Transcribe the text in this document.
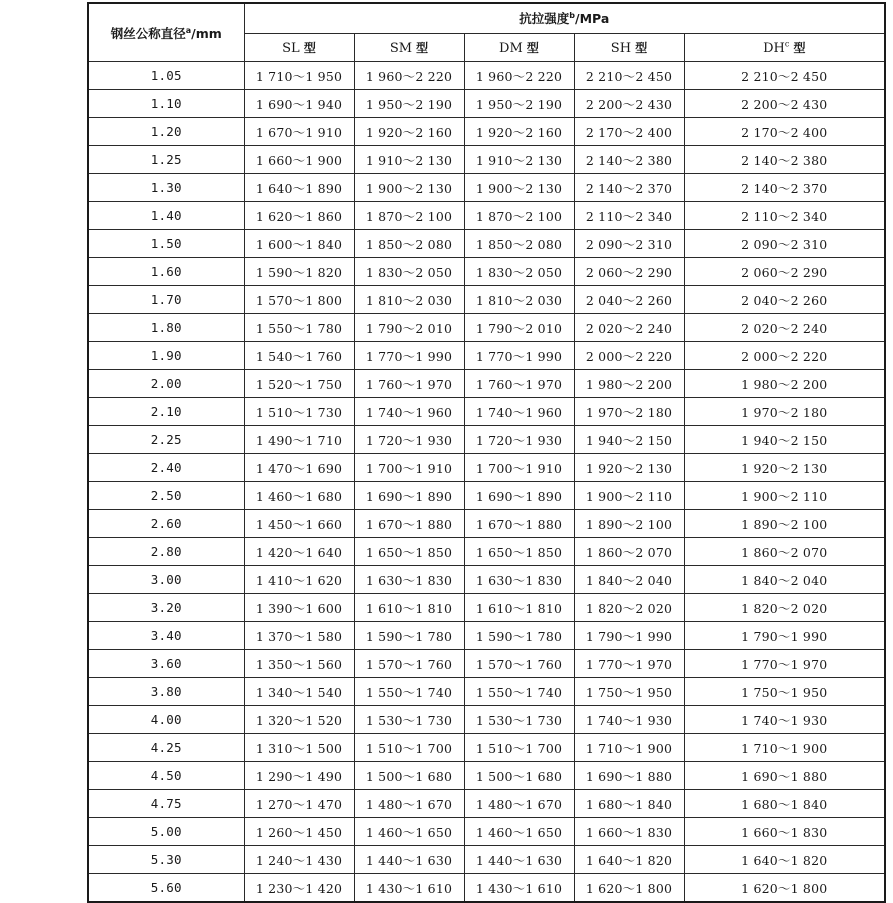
钢丝公称直径$^a$/mm	抗拉强度$^b$/MPa				
	SL 型	SM 型	DM 型	SH 型	$DH^c$ 型
1.05	1 710～1 950	1 960～2 220	1 960～2 220	2 210～2 450	2 210～2 450
1.10	1 690～1 940	1 950～2 190	1 950～2 190	2 200～2 430	2 200～2 430
1.20	1 670～1 910	1 920～2 160	1 920～2 160	2 170～2 400	2 170～2 400
1.25	1 660～1 900	1 910～2 130	1 910～2 130	2 140～2 380	2 140～2 380
1.30	1 640～1 890	1 900～2 130	1 900～2 130	2 140～2 370	2 140～2 370
1.40	1 620～1 860	1 870～2 100	1 870～2 100	2 110～2 340	2 110～2 340
1.50	1 600～1 840	1 850～2 080	1 850～2 080	2 090～2 310	2 090～2 310
1.60	1 590～1 820	1 830～2 050	1 830～2 050	2 060～2 290	2 060～2 290
1.70	1 570～1 800	1 810～2 030	1 810～2 030	2 040～2 260	2 040～2 260
1.80	1 550～1 780	1 790～2 010	1 790～2 010	2 020～2 240	2 020～2 240
1.90	1 540～1 760	1 770～1 990	1 770～1 990	2 000～2 220	2 000～2 220
2.00	1 520～1 750	1 760～1 970	1 760～1 970	1 980～2 200	1 980～2 200
2.10	1 510～1 730	1 740～1 960	1 740～1 960	1 970～2 180	1 970～2 180
2.25	1 490～1 710	1 720～1 930	1 720～1 930	1 940～2 150	1 940～2 150
2.40	1 470～1 690	1 700～1 910	1 700～1 910	1 920～2 130	1 920～2 130
2.50	1 460～1 680	1 690～1 890	1 690～1 890	1 900～2 110	1 900～2 110
2.60	1 450～1 660	1 670～1 880	1 670～1 880	1 890～2 100	1 890～2 100
2.80	1 420～1 640	1 650～1 850	1 650～1 850	1 860～2 070	1 860～2 070
3.00	1 410～1 620	1 630～1 830	1 630～1 830	1 840～2 040	1 840～2 040
3.20	1 390～1 600	1 610～1 810	1 610～1 810	1 820～2 020	1 820～2 020
3.40	1 370～1 580	1 590～1 780	1 590～1 780	1 790～1 990	1 790～1 990
3.60	1 350～1 560	1 570～1 760	1 570～1 760	1 770～1 970	1 770～1 970
3.80	1 340～1 540	1 550～1 740	1 550～1 740	1 750～1 950	1 750～1 950
4.00	1 320～1 520	1 530～1 730	1 530～1 730	1 740～1 930	1 740～1 930
4.25	1 310～1 500	1 510～1 700	1 510～1 700	1 710～1 900	1 710～1 900
4.50	1 290～1 490	1 500～1 680	1 500～1 680	1 690～1 880	1 690～1 880
4.75	1 270～1 470	1 480～1 670	1 480～1 670	1 680～1 840	1 680～1 840
5.00	1 260～1 450	1 460～1 650	1 460～1 650	1 660～1 830	1 660～1 830
5.30	1 240～1 430	1 440～1 630	1 440～1 630	1 640～1 820	1 640～1 820
5.60	1 230～1 420	1 430～1 610	1 430～1 610	1 620～1 800	1 620～1 800
